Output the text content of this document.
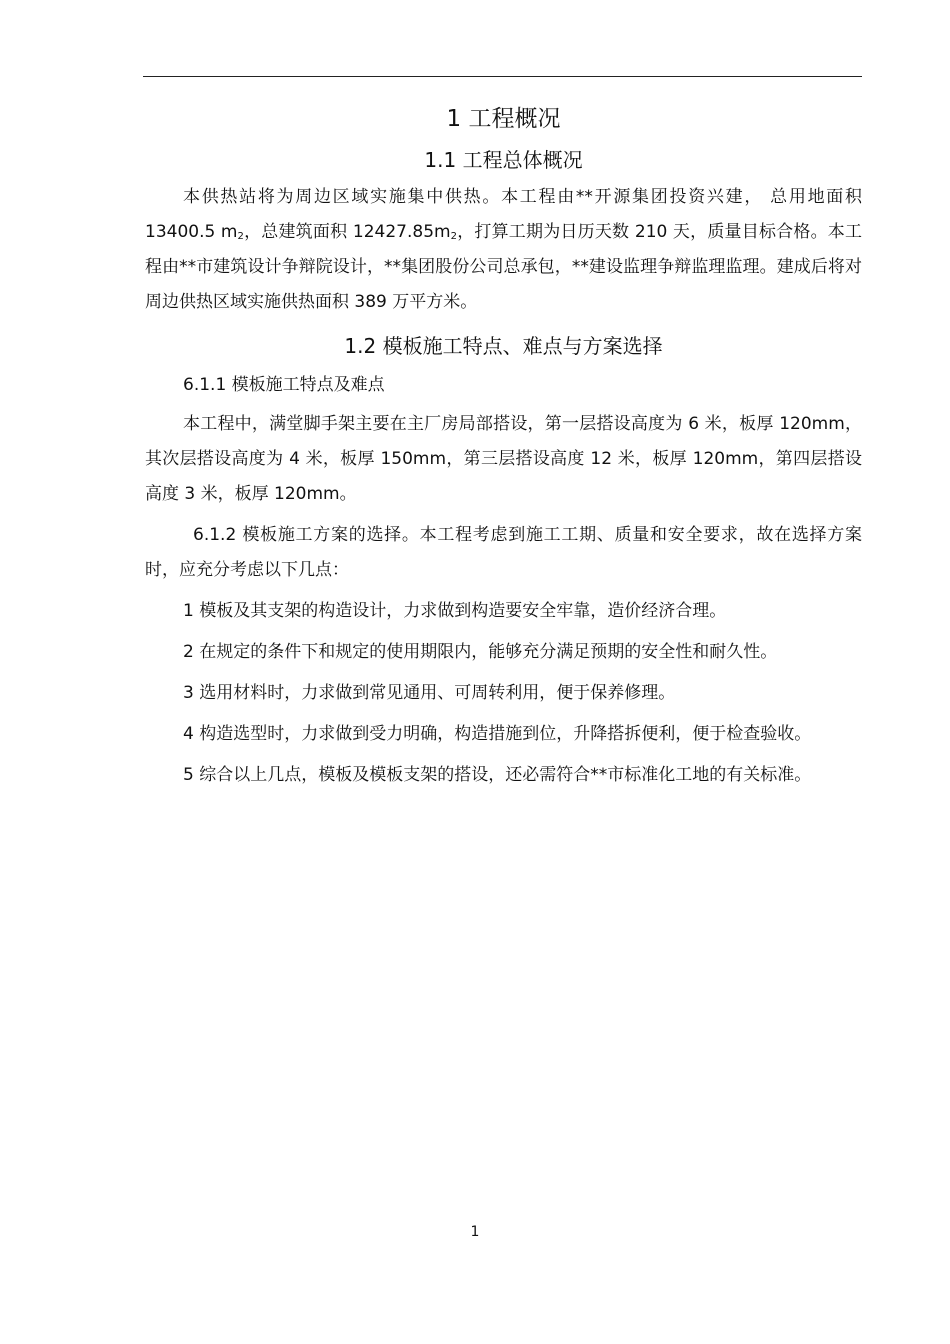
1 工程概况
1.1 工程总体概况

本供热站将为周边区域实施集中供热。本工程由**开源集团投资兴建， 总用地面积 13400.5 $m_2$，总建筑面积 $12427.85m_2$，打算工期为日历天数 210 天，质量目标合格。本工程由**市建筑设计争辩院设计，**集团股份公司总承包，**建设监理争辩监理监理。建成后将对周边供热区域实施供热面积 389 万平方米。

1.2 模板施工特点、难点与方案选择

6.1.1 模板施工特点及难点

本工程中，满堂脚手架主要在主厂房局部搭设，第一层搭设高度为 6 米，板厚 120mm，其次层搭设高度为 4 米，板厚 150mm，第三层搭设高度 12 米，板厚 120mm，第四层搭设高度 3 米，板厚 120mm。

6.1.2 模板施工方案的选择。本工程考虑到施工工期、质量和安全要求，故在选择方案时，应充分考虑以下几点：

1 模板及其支架的构造设计，力求做到构造要安全牢靠，造价经济合理。

2 在规定的条件下和规定的使用期限内，能够充分满足预期的安全性和耐久性。

3 选用材料时，力求做到常见通用、可周转利用，便于保养修理。

4 构造选型时，力求做到受力明确，构造措施到位，升降搭拆便利，便于检查验收。

5 综合以上几点，模板及模板支架的搭设，还必需符合**市标准化工地的有关标准。

1
